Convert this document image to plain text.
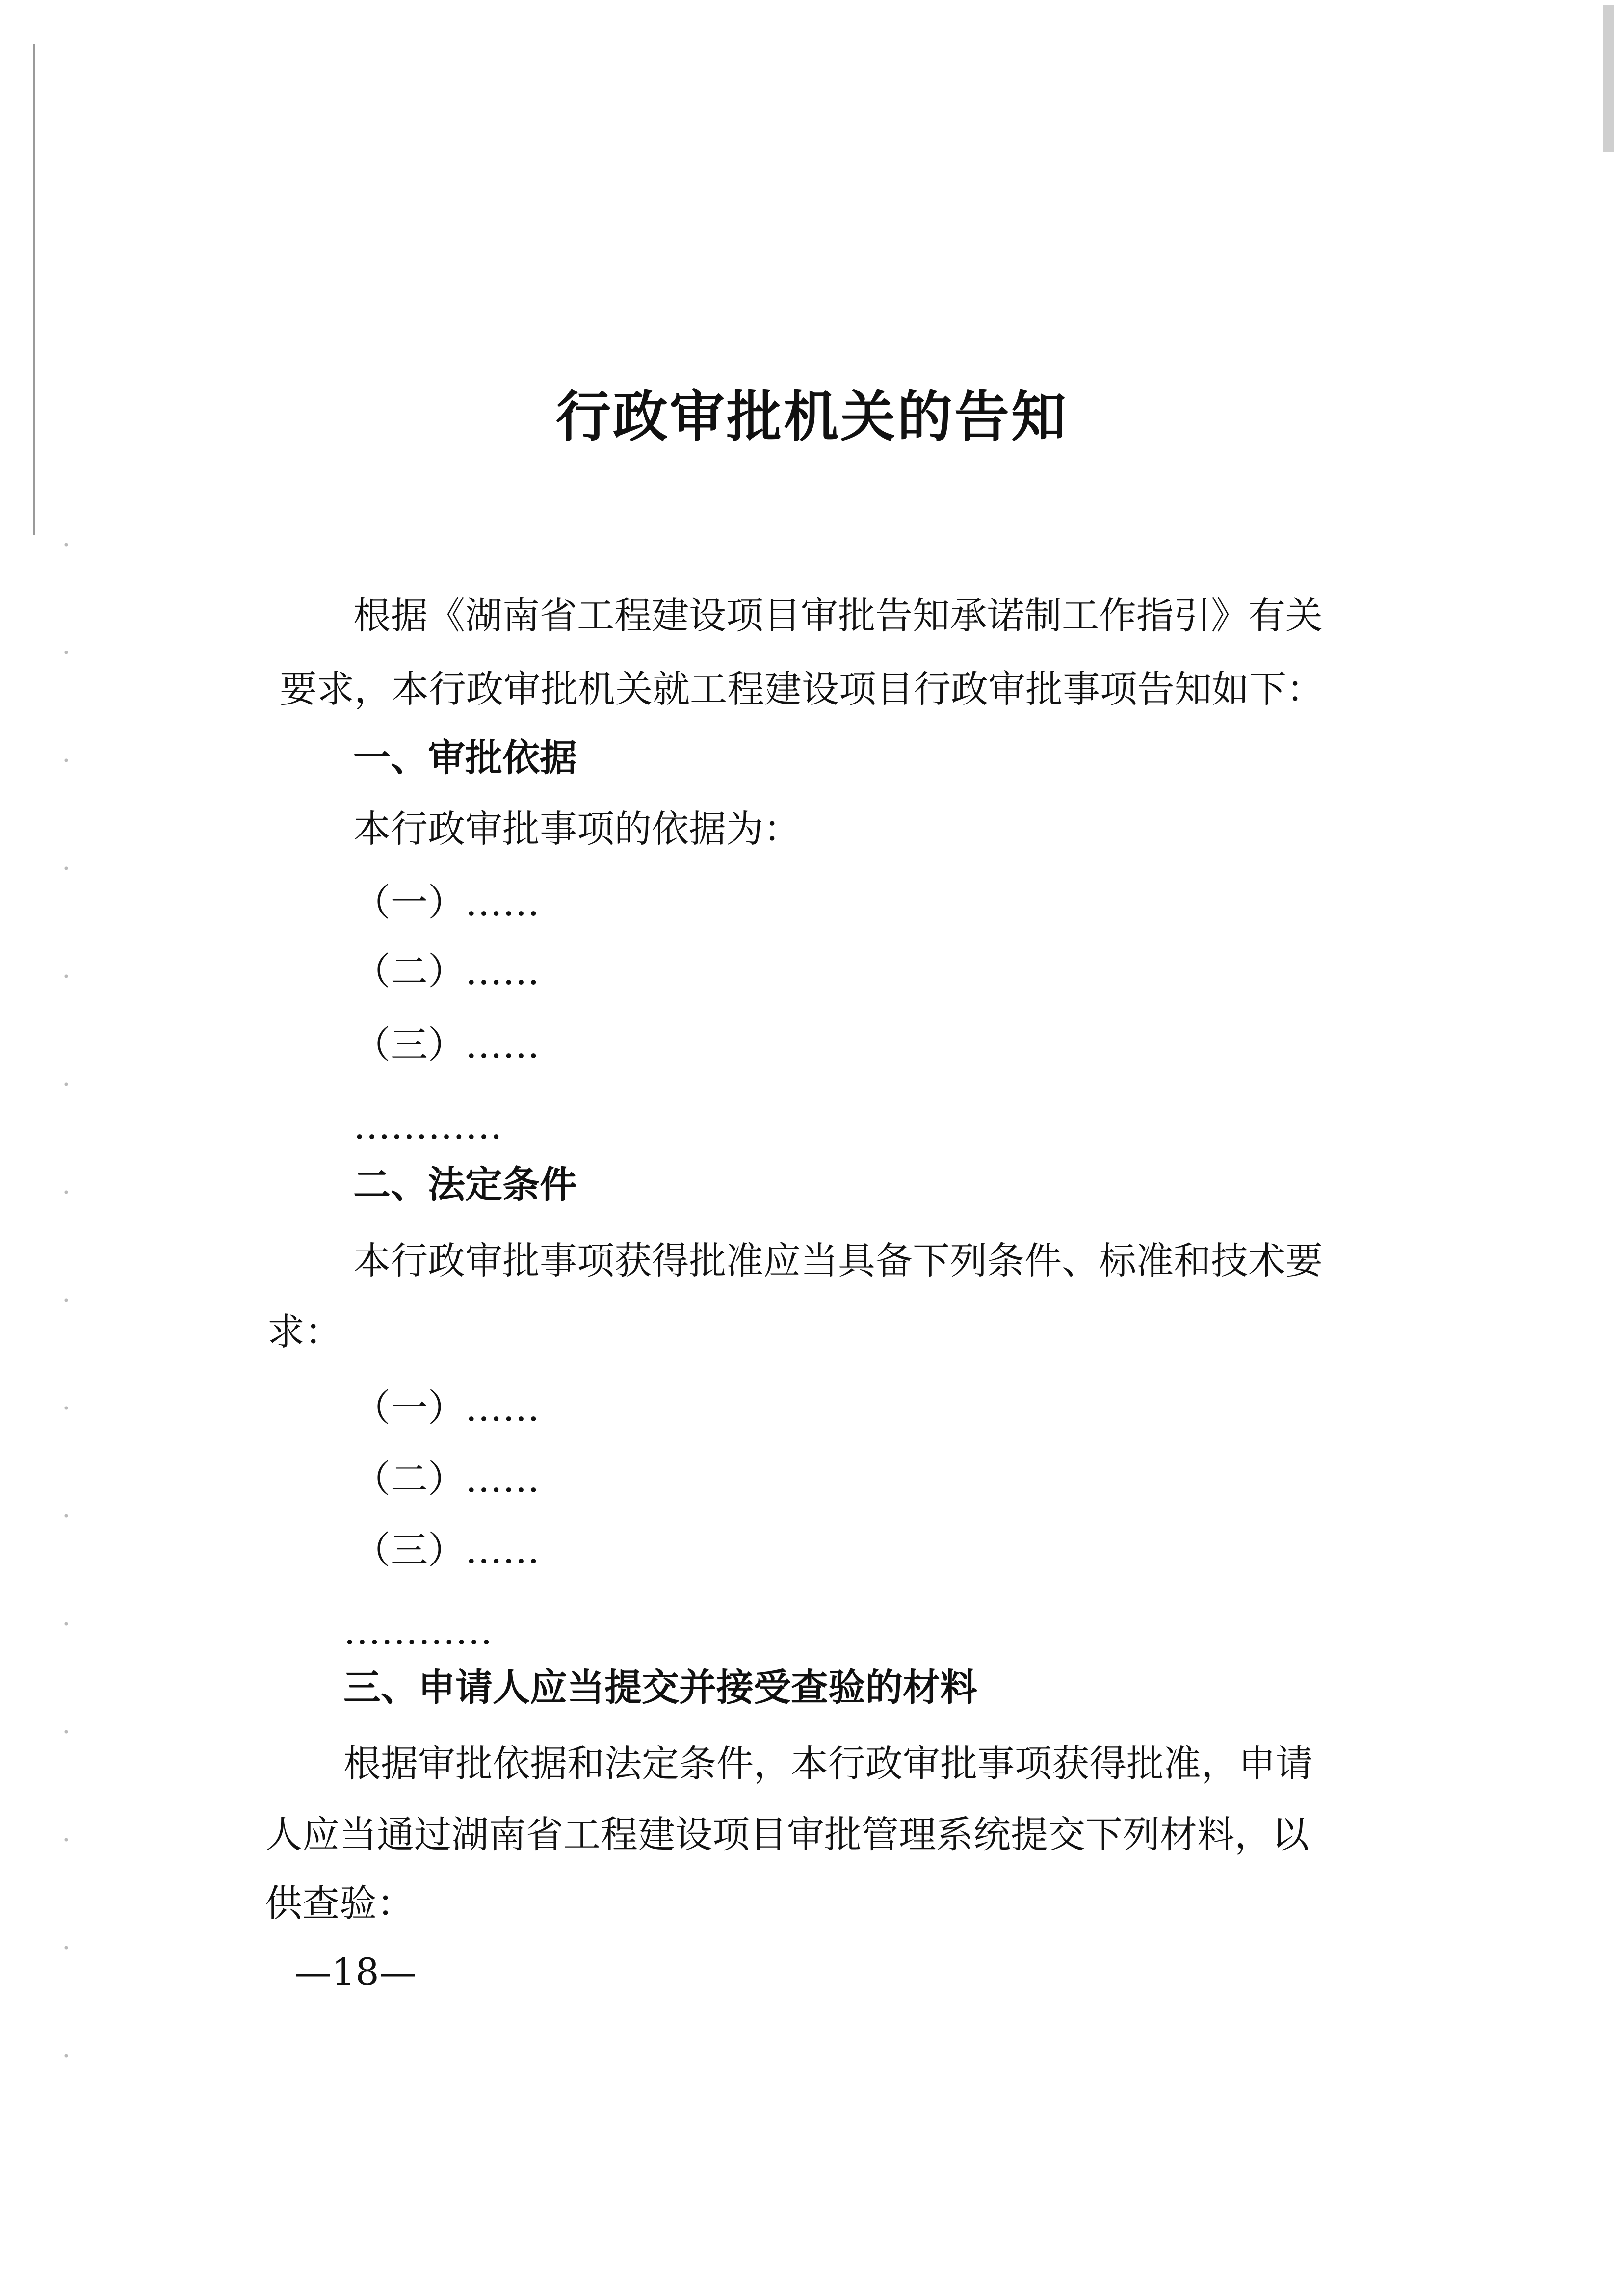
行政审批机关的告知
根据《湖南省工程建设项目审批告知承诺制工作指引》有关
要求，本行政审批机关就工程建设项目行政审批事项告知如下：
一、审批依据
本行政审批事项的依据为：
（一）……
（二）……
（三）……
…………
二、法定条件
本行政审批事项获得批准应当具备下列条件、标准和技术要
求：
（一）……
（二）……
（三）……
…………
三、申请人应当提交并接受查验的材料
根据审批依据和法定条件，本行政审批事项获得批准，申请
人应当通过湖南省工程建设项目审批管理系统提交下列材料，以
供查验：
—18—
